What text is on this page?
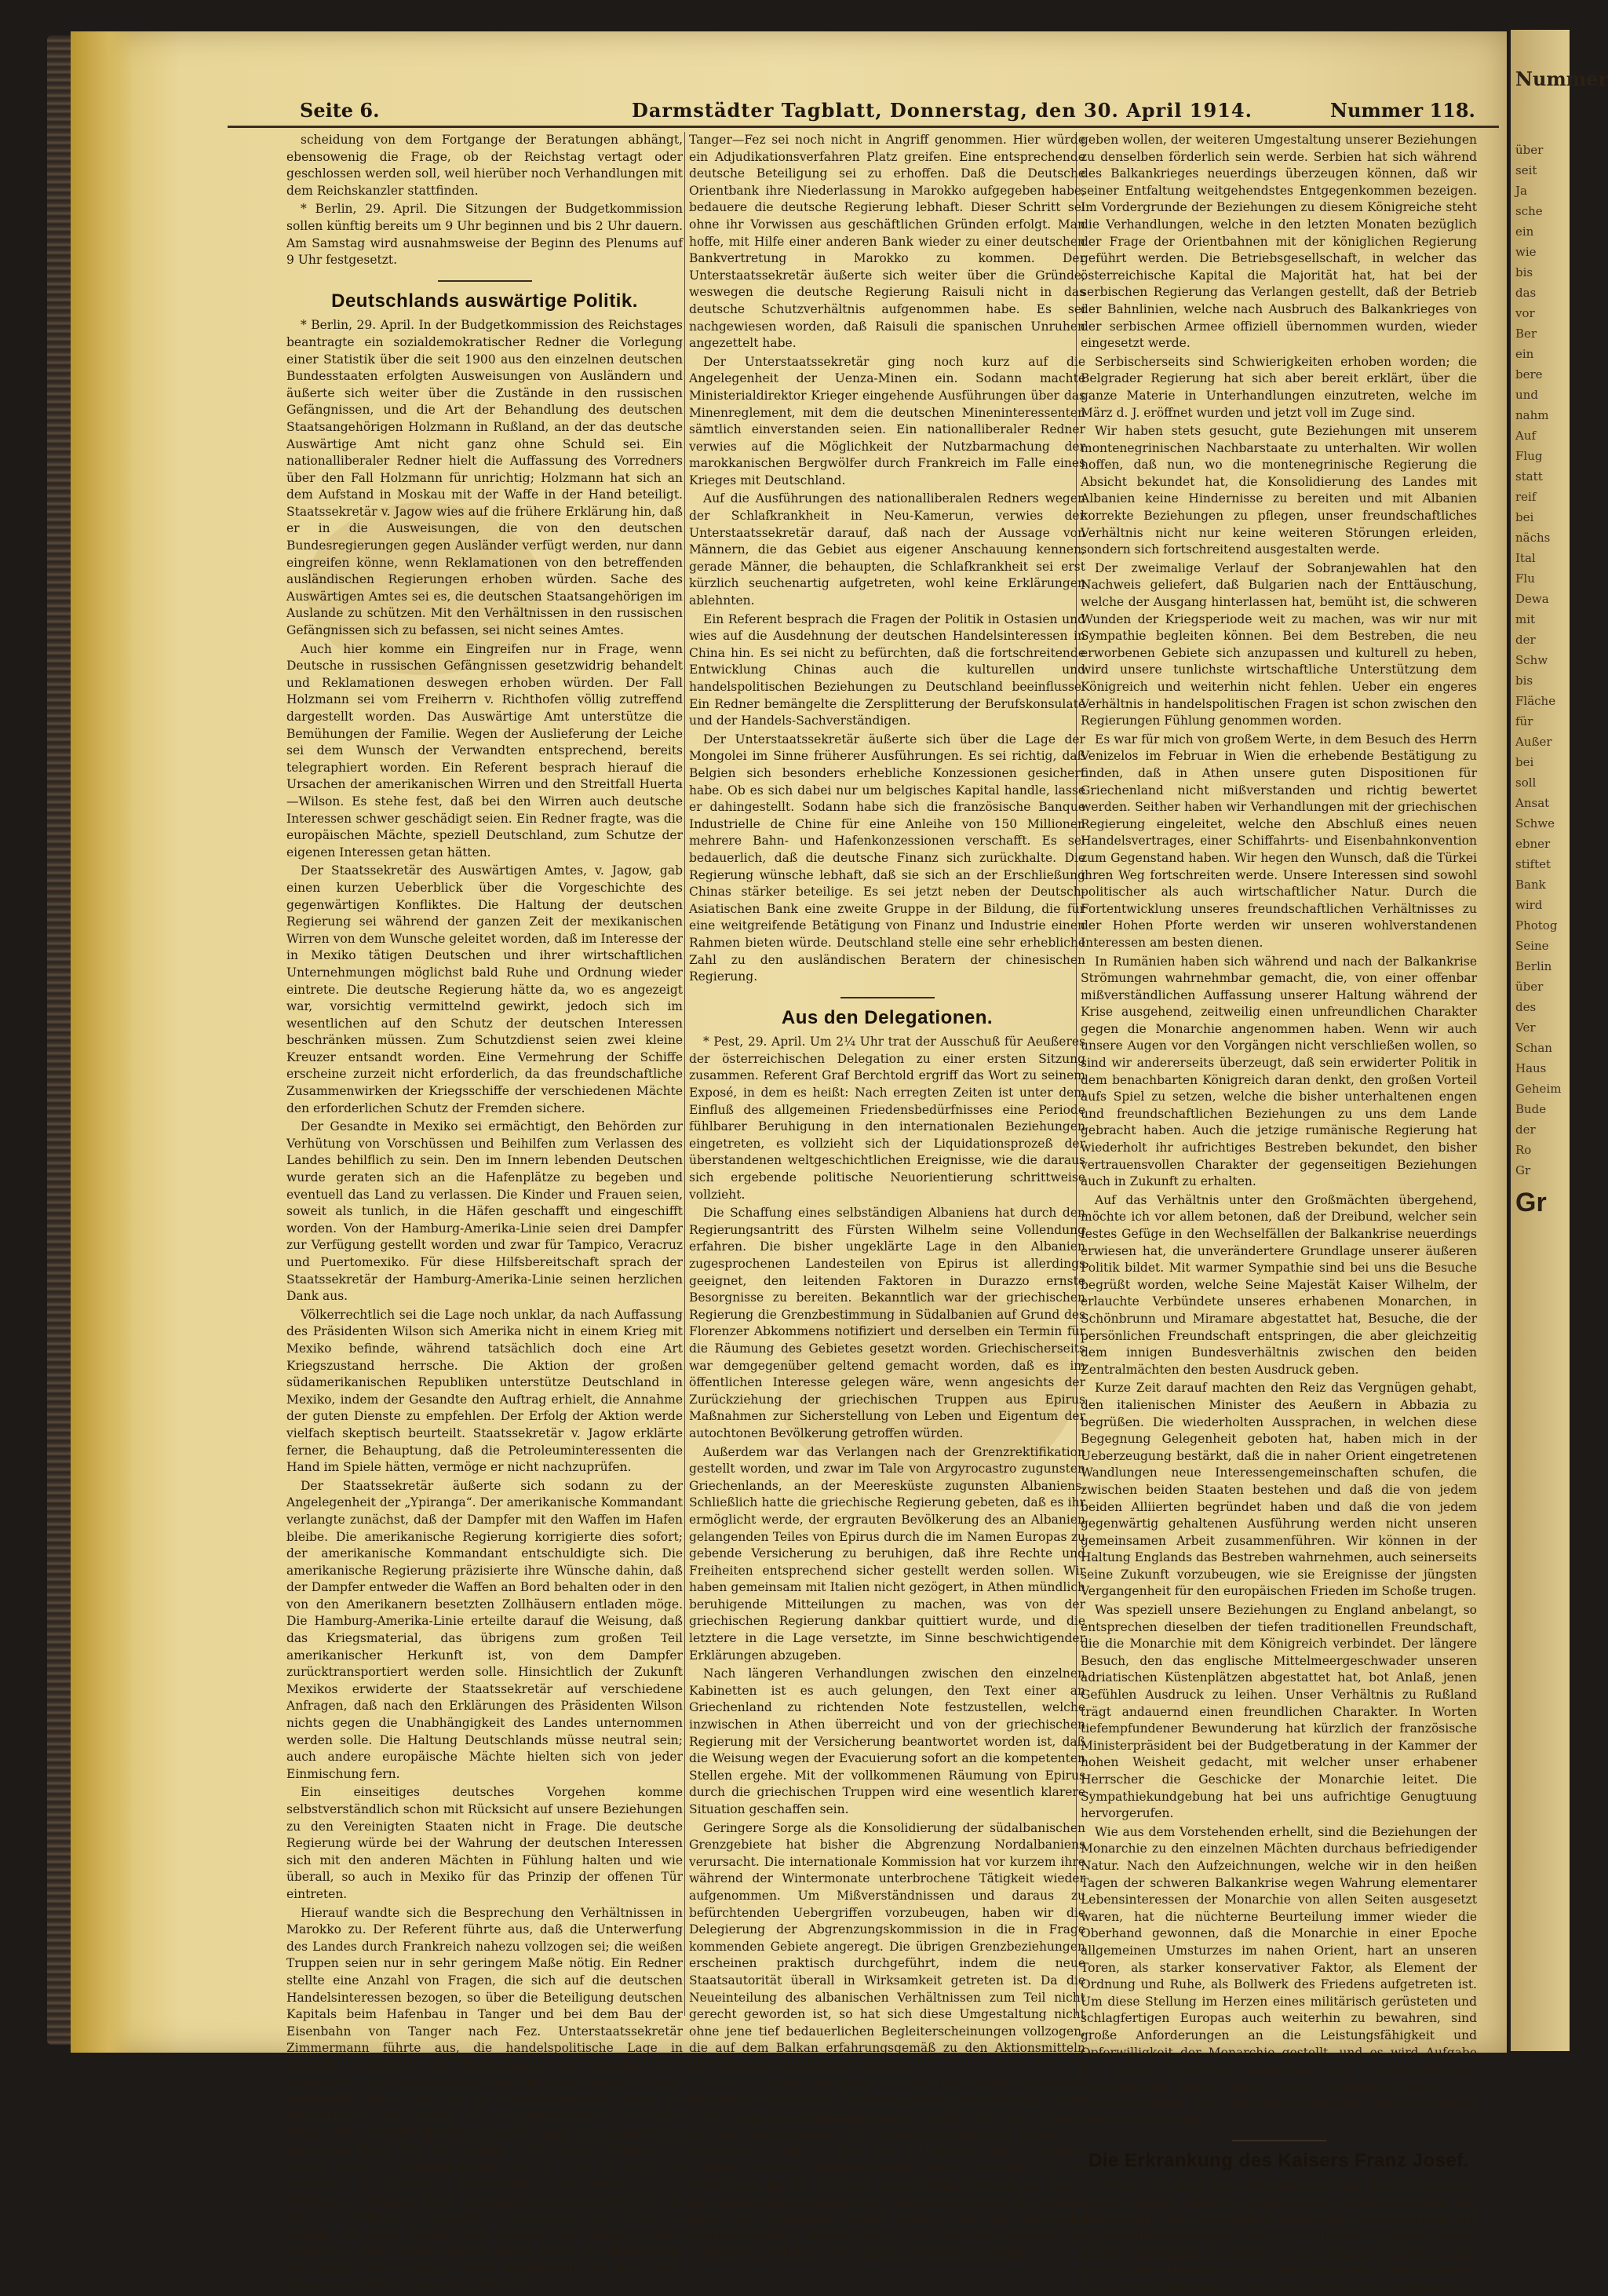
Seite 6.	Darmstädter Tagblatt, Donnerstag, den 30. April 1914.	Nummer 118.

scheidung von dem Fortgange der Beratungen abhängt, ebensowenig die Frage, ob der Reichstag vertagt oder geschlossen werden soll, weil hierüber noch Verhandlungen mit dem Reichskanzler stattfinden.

* Berlin, 29. April. Die Sitzungen der Budgetkommission sollen künftig bereits um 9 Uhr beginnen und bis 2 Uhr dauern. Am Samstag wird ausnahmsweise der Beginn des Plenums auf 9 Uhr festgesetzt.

Deutschlands auswärtige Politik.

* Berlin, 29. April. In der Budgetkommission des Reichstages beantragte ein sozialdemokratischer Redner die Vorlegung einer Statistik über die seit 1900 aus den einzelnen deutschen Bundesstaaten erfolgten Ausweisungen von Ausländern und äußerte sich weiter über die Zustände in den russischen Gefängnissen, und die Art der Behandlung des deutschen Staatsangehörigen Holzmann in Rußland, an der das deutsche Auswärtige Amt nicht ganz ohne Schuld sei. Ein nationalliberaler Redner hielt die Auffassung des Vorredners über den Fall Holzmann für unrichtig; Holzmann hat sich an dem Aufstand in Moskau mit der Waffe in der Hand beteiligt. Staatssekretär v. Jagow wies auf die frühere Erklärung hin, daß er in die Ausweisungen, die von den deutschen Bundesregierungen gegen Ausländer verfügt werden, nur dann eingreifen könne, wenn Reklamationen von den betreffenden ausländischen Regierungen erhoben würden. Sache des Auswärtigen Amtes sei es, die deutschen Staatsangehörigen im Auslande zu schützen. Mit den Verhältnissen in den russischen Gefängnissen sich zu befassen, sei nicht seines Amtes.

Auch hier komme ein Eingreifen nur in Frage, wenn Deutsche in russischen Gefängnissen gesetzwidrig behandelt und Reklamationen deswegen erhoben würden. Der Fall Holzmann sei vom Freiherrn v. Richthofen völlig zutreffend dargestellt worden. Das Auswärtige Amt unterstütze die Bemühungen der Familie. Wegen der Auslieferung der Leiche sei dem Wunsch der Verwandten entsprechend, bereits telegraphiert worden. Ein Referent besprach hierauf die Ursachen der amerikanischen Wirren und den Streitfall Huerta—Wilson. Es stehe fest, daß bei den Wirren auch deutsche Interessen schwer geschädigt seien. Ein Redner fragte, was die europäischen Mächte, speziell Deutschland, zum Schutze der eigenen Interessen getan hätten.

Der Staatssekretär des Auswärtigen Amtes, v. Jagow, gab einen kurzen Ueberblick über die Vorgeschichte des gegenwärtigen Konfliktes. Die Haltung der deutschen Regierung sei während der ganzen Zeit der mexikanischen Wirren von dem Wunsche geleitet worden, daß im Interesse der in Mexiko tätigen Deutschen und ihrer wirtschaftlichen Unternehmungen möglichst bald Ruhe und Ordnung wieder eintrete. Die deutsche Regierung hätte da, wo es angezeigt war, vorsichtig vermittelnd gewirkt, jedoch sich im wesentlichen auf den Schutz der deutschen Interessen beschränken müssen. Zum Schutzdienst seien zwei kleine Kreuzer entsandt worden. Eine Vermehrung der Schiffe erscheine zurzeit nicht erforderlich, da das freundschaftliche Zusammenwirken der Kriegsschiffe der verschiedenen Mächte den erforderlichen Schutz der Fremden sichere.

Der Gesandte in Mexiko sei ermächtigt, den Behörden zur Verhütung von Vorschüssen und Beihilfen zum Verlassen des Landes behilflich zu sein. Den im Innern lebenden Deutschen wurde geraten sich an die Hafenplätze zu begeben und eventuell das Land zu verlassen. Die Kinder und Frauen seien, soweit als tunlich, in die Häfen geschafft und eingeschifft worden. Von der Hamburg-Amerika-Linie seien drei Dampfer zur Verfügung gestellt worden und zwar für Tampico, Veracruz und Puertomexiko. Für diese Hilfsbereitschaft sprach der Staatssekretär der Hamburg-Amerika-Linie seinen herzlichen Dank aus.

Völkerrechtlich sei die Lage noch unklar, da nach Auffassung des Präsidenten Wilson sich Amerika nicht in einem Krieg mit Mexiko befinde, während tatsächlich doch eine Art Kriegszustand herrsche. Die Aktion der großen südamerikanischen Republiken unterstütze Deutschland in Mexiko, indem der Gesandte den Auftrag erhielt, die Annahme der guten Dienste zu empfehlen. Der Erfolg der Aktion werde vielfach skeptisch beurteilt. Staatssekretär v. Jagow erklärte ferner, die Behauptung, daß die Petroleuminteressenten die Hand im Spiele hätten, vermöge er nicht nachzuprüfen.

Der Staatssekretär äußerte sich sodann zu der Angelegenheit der „Ypiranga“. Der amerikanische Kommandant verlangte zunächst, daß der Dampfer mit den Waffen im Hafen bleibe. Die amerikanische Regierung korrigierte dies sofort; der amerikanische Kommandant entschuldigte sich. Die amerikanische Regierung präzisierte ihre Wünsche dahin, daß der Dampfer entweder die Waffen an Bord behalten oder in den von den Amerikanern besetzten Zollhäusern entladen möge. Die Hamburg-Amerika-Linie erteilte darauf die Weisung, daß das Kriegsmaterial, das übrigens zum großen Teil amerikanischer Herkunft ist, von dem Dampfer zurücktransportiert werden solle. Hinsichtlich der Zukunft Mexikos erwiderte der Staatssekretär auf verschiedene Anfragen, daß nach den Erklärungen des Präsidenten Wilson nichts gegen die Unabhängigkeit des Landes unternommen werden solle. Die Haltung Deutschlands müsse neutral sein; auch andere europäische Mächte hielten sich von jeder Einmischung fern.

Ein einseitiges deutsches Vorgehen komme selbstverständlich schon mit Rücksicht auf unsere Beziehungen zu den Vereinigten Staaten nicht in Frage. Die deutsche Regierung würde bei der Wahrung der deutschen Interessen sich mit den anderen Mächten in Fühlung halten und wie überall, so auch in Mexiko für das Prinzip der offenen Tür eintreten.

Hierauf wandte sich die Besprechung den Verhältnissen in Marokko zu. Der Referent führte aus, daß die Unterwerfung des Landes durch Frankreich nahezu vollzogen sei; die weißen Truppen seien nur in sehr geringem Maße nötig. Ein Redner stellte eine Anzahl von Fragen, die sich auf die deutschen Handelsinteressen bezogen, so über die Beteiligung deutschen Kapitals beim Hafenbau in Tanger und bei dem Bau der Eisenbahn von Tanger nach Fez. Unterstaatssekretär Zimmermann führte aus, die handelspolitische Lage in Marokko entwickle sich befriedigend. Die Annahme des Referenten, daß Frankreich die Ruhe im Lande bereits so weit hergestellt habe, daß es als Protektionsmacht über die Marokkaner zum Zwecke der Truppenaushebung verfügen könne, teile er nicht. Im Süden lasse die Lage noch manches zu wünschen übrig. Für die baldige Oeffnung des Hafens von Agadir trete die deutsche Regierung ein, doch sei nach den amtlichen französischen Mitteilungen noch nicht an die Oeffnung zu denken, da die Unsicherheit noch zu groß sei, und die zur Verfügung stehenden Truppenmacht im Süden zu gering. An dem Ausbau des Hafens von Tanger werde gearbeitet. Eine Reihe anderer Häfen harre der Erledigung. Der Hafen von Larrasch werde bekanntlich von der Firma Saager und Wörner ausgebaut. Die Bahn

Tanger—Fez sei noch nicht in Angriff genommen. Hier würde ein Adjudikationsverfahren Platz greifen. Eine entsprechende deutsche Beteiligung sei zu erhoffen. Daß die Deutsche Orientbank ihre Niederlassung in Marokko aufgegeben habe, bedauere die deutsche Regierung lebhaft. Dieser Schritt sei ohne ihr Vorwissen aus geschäftlichen Gründen erfolgt. Man hoffe, mit Hilfe einer anderen Bank wieder zu einer deutschen Bankvertretung in Marokko zu kommen. Der Unterstaatssekretär äußerte sich weiter über die Gründe, weswegen die deutsche Regierung Raisuli nicht in das deutsche Schutzverhältnis aufgenommen habe. Es sei nachgewiesen worden, daß Raisuli die spanischen Unruhen angezettelt habe.

Der Unterstaatssekretär ging noch kurz auf die Angelegenheit der Uenza-Minen ein. Sodann machte Ministerialdirektor Krieger eingehende Ausführungen über das Minenreglement, mit dem die deutschen Mineninteressenten sämtlich einverstanden seien. Ein nationalliberaler Redner verwies auf die Möglichkeit der Nutzbarmachung der marokkanischen Bergwölfer durch Frankreich im Falle eines Krieges mit Deutschland.

Auf die Ausführungen des nationalliberalen Redners wegen der Schlafkrankheit in Neu-Kamerun, verwies der Unterstaatssekretär darauf, daß nach der Aussage von Männern, die das Gebiet aus eigener Anschauung kennen, gerade Männer, die behaupten, die Schlafkrankheit sei erst kürzlich seuchenartig aufgetreten, wohl keine Erklärungen ablehnten.

Ein Referent besprach die Fragen der Politik in Ostasien und wies auf die Ausdehnung der deutschen Handelsinteressen in China hin. Es sei nicht zu befürchten, daß die fortschreitende Entwicklung Chinas auch die kulturellen und handelspolitischen Beziehungen zu Deutschland beeinflusse. Ein Redner bemängelte die Zersplitterung der Berufskonsulate und der Handels-Sachverständigen.

Der Unterstaatssekretär äußerte sich über die Lage der Mongolei im Sinne früherer Ausführungen. Es sei richtig, daß Belgien sich besonders erhebliche Konzessionen gesichert habe. Ob es sich dabei nur um belgisches Kapital handle, lasse er dahingestellt. Sodann habe sich die französische Banque Industrielle de Chine für eine Anleihe von 150 Millionen mehrere Bahn- und Hafenkonzessionen verschafft. Es sei bedauerlich, daß die deutsche Finanz sich zurückhalte. Die Regierung wünsche lebhaft, daß sie sich an der Erschließung Chinas stärker beteilige. Es sei jetzt neben der Deutsch-Asiatischen Bank eine zweite Gruppe in der Bildung, die für eine weitgreifende Betätigung von Finanz und Industrie einen Rahmen bieten würde. Deutschland stelle eine sehr erhebliche Zahl zu den ausländischen Beratern der chinesischen Regierung.

Aus den Delegationen.

* Pest, 29. April. Um 2¼ Uhr trat der Ausschuß für Aeußeres der österreichischen Delegation zu einer ersten Sitzung zusammen. Referent Graf Berchtold ergriff das Wort zu seinem Exposé, in dem es heißt: Nach erregten Zeiten ist unter dem Einfluß des allgemeinen Friedensbedürfnisses eine Periode fühlbarer Beruhigung in den internationalen Beziehungen eingetreten, es vollzieht sich der Liquidationsprozeß der überstandenen weltgeschichtlichen Ereignisse, wie die daraus sich ergebende politische Neuorientierung schrittweise vollzieht.

Die Schaffung eines selbständigen Albaniens hat durch den Regierungsantritt des Fürsten Wilhelm seine Vollendung erfahren. Die bisher ungeklärte Lage in den Albanien zugesprochenen Landesteilen von Epirus ist allerdings geeignet, den leitenden Faktoren in Durazzo ernste Besorgnisse zu bereiten. Bekanntlich war der griechischen Regierung die Grenzbestimmung in Südalbanien auf Grund des Florenzer Abkommens notifiziert und derselben ein Termin für die Räumung des Gebietes gesetzt worden. Griechischerseits war demgegenüber geltend gemacht worden, daß es im öffentlichen Interesse gelegen wäre, wenn angesichts der Zurückziehung der griechischen Truppen aus Epirus Maßnahmen zur Sicherstellung von Leben und Eigentum der autochtonen Bevölkerung getroffen würden.

Außerdem war das Verlangen nach der Grenzrektifikation gestellt worden, und zwar im Tale von Argyrocastro zugunsten Griechenlands, an der Meeresküste zugunsten Albaniens. Schließlich hatte die griechische Regierung gebeten, daß es ihr ermöglicht werde, der ergrauten Bevölkerung des an Albanien gelangenden Teiles von Epirus durch die im Namen Europas zu gebende Versicherung zu beruhigen, daß ihre Rechte und Freiheiten entsprechend sicher gestellt werden sollen. Wir haben gemeinsam mit Italien nicht gezögert, in Athen mündlich beruhigende Mitteilungen zu machen, was von der griechischen Regierung dankbar quittiert wurde, und die letztere in die Lage versetzte, im Sinne beschwichtigender Erklärungen abzugeben.

Nach längeren Verhandlungen zwischen den einzelnen Kabinetten ist es auch gelungen, den Text einer an Griechenland zu richtenden Note festzustellen, welche inzwischen in Athen überreicht und von der griechischen Regierung mit der Versicherung beantwortet worden ist, daß die Weisung wegen der Evacuierung sofort an die kompetenten Stellen ergehe. Mit der vollkommenen Räumung von Epirus durch die griechischen Truppen wird eine wesentlich klarere Situation geschaffen sein.

Geringere Sorge als die Konsolidierung der südalbanischen Grenzgebiete hat bisher die Abgrenzung Nordalbaniens verursacht. Die internationale Kommission hat vor kurzem ihre während der Wintermonate unterbrochene Tätigkeit wieder aufgenommen. Um Mißverständnissen und daraus zu befürchtenden Uebergriffen vorzubeugen, haben wir die Delegierung der Abgrenzungskommission in die in Frage kommenden Gebiete angeregt. Die übrigen Grenzbeziehungen erscheinen praktisch durchgeführt, indem die neue Staatsautorität überall in Wirksamkeit getreten ist. Da die Neueinteilung des albanischen Verhältnissen zum Teil nicht gerecht geworden ist, so hat sich diese Umgestaltung nicht ohne jene tief bedauerlichen Begleiterscheinungen vollzogen, die auf dem Balkan erfahrungsgemäß zu den Aktionsmitteln der nationalen Propaganda gehören.

Es ist zu hoffen, daß dieser mit ethischen Grundsätzen eines modernen Staatswesens unvereinbare Weg des Vorgehens nicht in die neue Aera hinübergenommen werde. Bei der Londoner Reunion beschlossene Ministerialentschließungen haben als normierend gedient. Was die Verhältnisse der einzelnen Staaten der Balkanhalbinsel betrifft, sind wir von dem größten Wohlwollen für die freie und selbständige Entwicklung dieser uns unmittelbar benachbarten Staatswesen beseelt und gewillt, ihnen die Schaffung Raum geben, daß die friedliche Regierungsarbeit, welcher sie sich nun nach den blutigen und verlustreichen Kriege der jüngsten Vergangenheit hin-

geben wollen, der weiteren Umgestaltung unserer Beziehungen zu denselben förderlich sein werde. Serbien hat sich während des Balkankrieges neuerdings überzeugen können, daß wir seiner Entfaltung weitgehendstes Entgegenkommen bezeigen. Im Vordergrunde der Beziehungen zu diesem Königreiche steht die Verhandlungen, welche in den letzten Monaten bezüglich der Frage der Orientbahnen mit der königlichen Regierung geführt werden. Die Betriebsgesellschaft, in welcher das österreichische Kapital die Majorität hat, hat bei der serbischen Regierung das Verlangen gestellt, daß der Betrieb der Bahnlinien, welche nach Ausbruch des Balkankrieges von der serbischen Armee offiziell übernommen wurden, wieder eingesetzt werde.

Serbischerseits sind Schwierigkeiten erhoben worden; die Belgrader Regierung hat sich aber bereit erklärt, über die ganze Materie in Unterhandlungen einzutreten, welche im März d. J. eröffnet wurden und jetzt voll im Zuge sind.

Wir haben stets gesucht, gute Beziehungen mit unserem montenegrinischen Nachbarstaate zu unterhalten. Wir wollen hoffen, daß nun, wo die montenegrinische Regierung die Absicht bekundet hat, die Konsolidierung des Landes mit Albanien keine Hindernisse zu bereiten und mit Albanien korrekte Beziehungen zu pflegen, unser freundschaftliches Verhältnis nicht nur keine weiteren Störungen erleiden, sondern sich fortschreitend ausgestalten werde.

Der zweimalige Verlauf der Sobranjewahlen hat den Nachweis geliefert, daß Bulgarien nach der Enttäuschung, welche der Ausgang hinterlassen hat, bemüht ist, die schweren Wunden der Kriegsperiode weit zu machen, was wir nur mit Sympathie begleiten können. Bei dem Bestreben, die neu erworbenen Gebiete sich anzupassen und kulturell zu heben, wird unsere tunlichste wirtschaftliche Unterstützung dem Königreich und weiterhin nicht fehlen. Ueber ein engeres Verhältnis in handelspolitischen Fragen ist schon zwischen den Regierungen Fühlung genommen worden.

Es war für mich von großem Werte, in dem Besuch des Herrn Venizelos im Februar in Wien die erhebende Bestätigung zu finden, daß in Athen unsere guten Dispositionen für Griechenland nicht mißverstanden und richtig bewertet werden. Seither haben wir Verhandlungen mit der griechischen Regierung eingeleitet, welche den Abschluß eines neuen Handelsvertrages, einer Schiffahrts- und Eisenbahnkonvention zum Gegenstand haben. Wir hegen den Wunsch, daß die Türkei ihren Weg fortschreiten werde. Unsere Interessen sind sowohl politischer als auch wirtschaftlicher Natur. Durch die Fortentwicklung unseres freundschaftlichen Verhältnisses zu der Hohen Pforte werden wir unseren wohlverstandenen Interessen am besten dienen.

In Rumänien haben sich während und nach der Balkankrise Strömungen wahrnehmbar gemacht, die, von einer offenbar mißverständlichen Auffassung unserer Haltung während der Krise ausgehend, zeitweilig einen unfreundlichen Charakter gegen die Monarchie angenommen haben. Wenn wir auch unsere Augen vor den Vorgängen nicht verschließen wollen, so sind wir andererseits überzeugt, daß sein erwiderter Politik in dem benachbarten Königreich daran denkt, den großen Vorteil aufs Spiel zu setzen, welche die bisher unterhaltenen engen und freundschaftlichen Beziehungen zu uns dem Lande gebracht haben. Auch die jetzige rumänische Regierung hat wiederholt ihr aufrichtiges Bestreben bekundet, den bisher vertrauensvollen Charakter der gegenseitigen Beziehungen auch in Zukunft zu erhalten.

Auf das Verhältnis unter den Großmächten übergehend, möchte ich vor allem betonen, daß der Dreibund, welcher sein festes Gefüge in den Wechselfällen der Balkankrise neuerdings erwiesen hat, die unverändertere Grundlage unserer äußeren Politik bildet. Mit warmer Sympathie sind bei uns die Besuche begrüßt worden, welche Seine Majestät Kaiser Wilhelm, der erlauchte Verbündete unseres erhabenen Monarchen, in Schönbrunn und Miramare abgestattet hat, Besuche, die der persönlichen Freundschaft entspringen, die aber gleichzeitig dem innigen Bundesverhältnis zwischen den beiden Zentralmächten den besten Ausdruck geben.

Kurze Zeit darauf machten den Reiz das Vergnügen gehabt, den italienischen Minister des Aeußern in Abbazia zu begrüßen. Die wiederholten Aussprachen, in welchen diese Begegnung Gelegenheit geboten hat, haben mich in der Ueberzeugung bestärkt, daß die in naher Orient eingetretenen Wandlungen neue Interessengemeinschaften schufen, die zwischen beiden Staaten bestehen und daß die von jedem beiden Alliierten begründet haben und daß die von jedem gegenwärtig gehaltenen Ausführung werden nicht unseren gemeinsamen Arbeit zusammenführen. Wir können in der Haltung Englands das Bestreben wahrnehmen, auch seinerseits seine Zukunft vorzubeugen, wie sie Ereignisse der jüngsten Vergangenheit für den europäischen Frieden im Schoße trugen.

Was speziell unsere Beziehungen zu England anbelangt, so entsprechen dieselben der tiefen traditionellen Freundschaft, die die Monarchie mit dem Königreich verbindet. Der längere Besuch, den das englische Mittelmeergeschwader unseren adriatischen Küstenplätzen abgestattet hat, bot Anlaß, jenen Gefühlen Ausdruck zu leihen. Unser Verhältnis zu Rußland trägt andauernd einen freundlichen Charakter. In Worten tiefempfundener Bewunderung hat kürzlich der französische Ministerpräsident bei der Budgetberatung in der Kammer der hohen Weisheit gedacht, mit welcher unser erhabener Herrscher die Geschicke der Monarchie leitet. Die Sympathiekundgebung hat bei uns aufrichtige Genugtuung hervorgerufen.

Wie aus dem Vorstehenden erhellt, sind die Beziehungen der Monarchie zu den einzelnen Mächten durchaus befriedigender Natur. Nach den Aufzeichnungen, welche wir in den heißen Tagen der schweren Balkankrise wegen Wahrung elementarer Lebensinteressen der Monarchie von allen Seiten ausgesetzt waren, hat die nüchterne Beurteilung immer wieder die Oberhand gewonnen, daß die Monarchie in einer Epoche allgemeinen Umsturzes im nahen Orient, hart an unseren Toren, als starker konservativer Faktor, als Element der Ordnung und Ruhe, als Bollwerk des Friedens aufgetreten ist. Um diese Stellung im Herzen eines militärisch gerüsteten und schlagfertigen Europas auch weiterhin zu bewahren, sind große Anforderungen an die Leistungsfähigkeit und Opferwilligkeit der Monarchie gestellt, und es wird Aufgabe der hiezu gebildeten staatlichen und gesellschaftlichen Faktoren sein, dieser Stellung durch verdoppelte Sorge für die Fortentwicklung aller volkswirtschaftlichen Voraussetzungen Rechnung zu tragen.

Die Erkrankung des Kaisers Franz Josef.

* Wien, 28. April. Dem Abendbericht über das Befinden des Kaisers zufolge, sind die Symptome des rechten Rasselns fast unverändert. Die Herztätigkeit ist kräftig. Der Appetit und das Allgemeinbefinden lassen nichts zu wünschen übrig. Der Kaiser brachte dreiviertel Stunden auf der kleinen Galerie zu und empfing den Erzherzog Franz Ferdinand, den Oberhofmeister Fürsten von Montenuovo und seine beiden Generaladjutanten.

Nummer
über
seit
Ja
sche
ein
wie
bis
das
vor
Ber
ein
bere
und
nahm
Auf
Flug
statt
reif
bei
nächs
Ital
Flu
Dewa
mit
der
Schw
bis
Fläche
für
Außer
bei
soll
Ansat
Schwe
ebner
stiftet
Bank
wird
Photog
Seine
Berlin
über
des
Ver
Schan
Haus
Geheim
Bude
der
Ro
Gr
Gr
